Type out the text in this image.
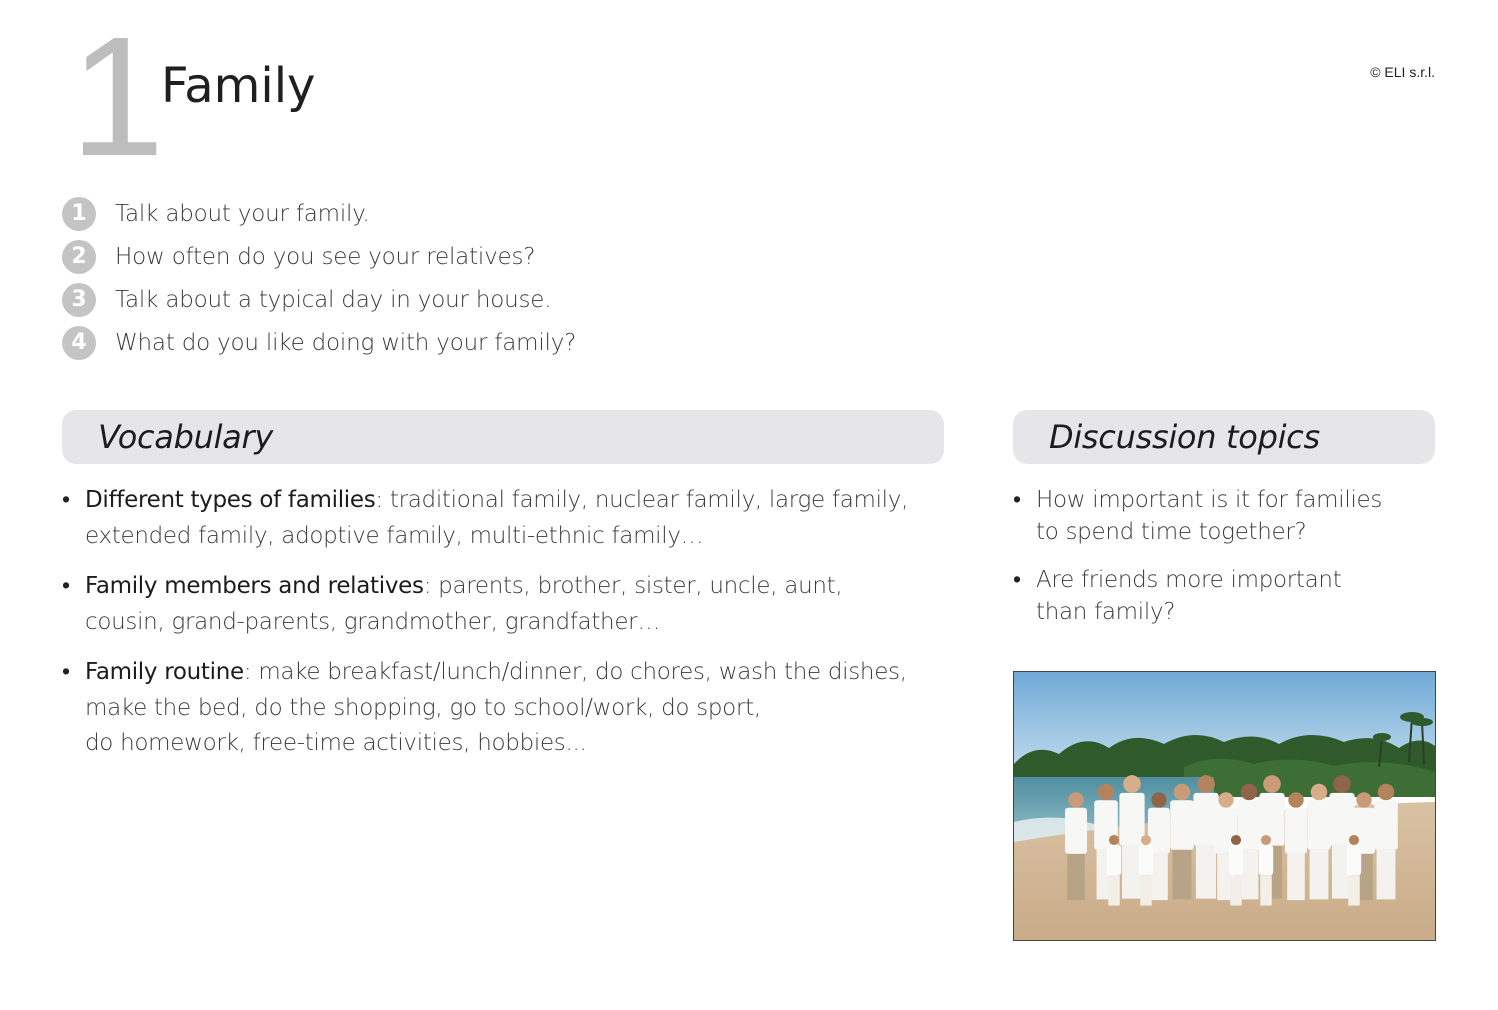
1 Family	© ELI s.r.l.
1	Talk about your family.
2	How often do you see your relatives?
3	Talk about a typical day in your house.
4	What do you like doing with your family?
Vocabulary
• Different types of families: traditional family, nuclear family, large family,
extended family, adoptive family, multi-ethnic family…
• Family members and relatives: parents, brother, sister, uncle, aunt,
cousin, grand-parents, grandmother, grandfather…
• Family routine: make breakfast/lunch/dinner, do chores, wash the dishes,
make the bed, do the shopping, go to school/work, do sport,
do homework, free-time activities, hobbies...
Discussion topics
• How important is it for families
to spend time together?
• Are friends more important
than family?
